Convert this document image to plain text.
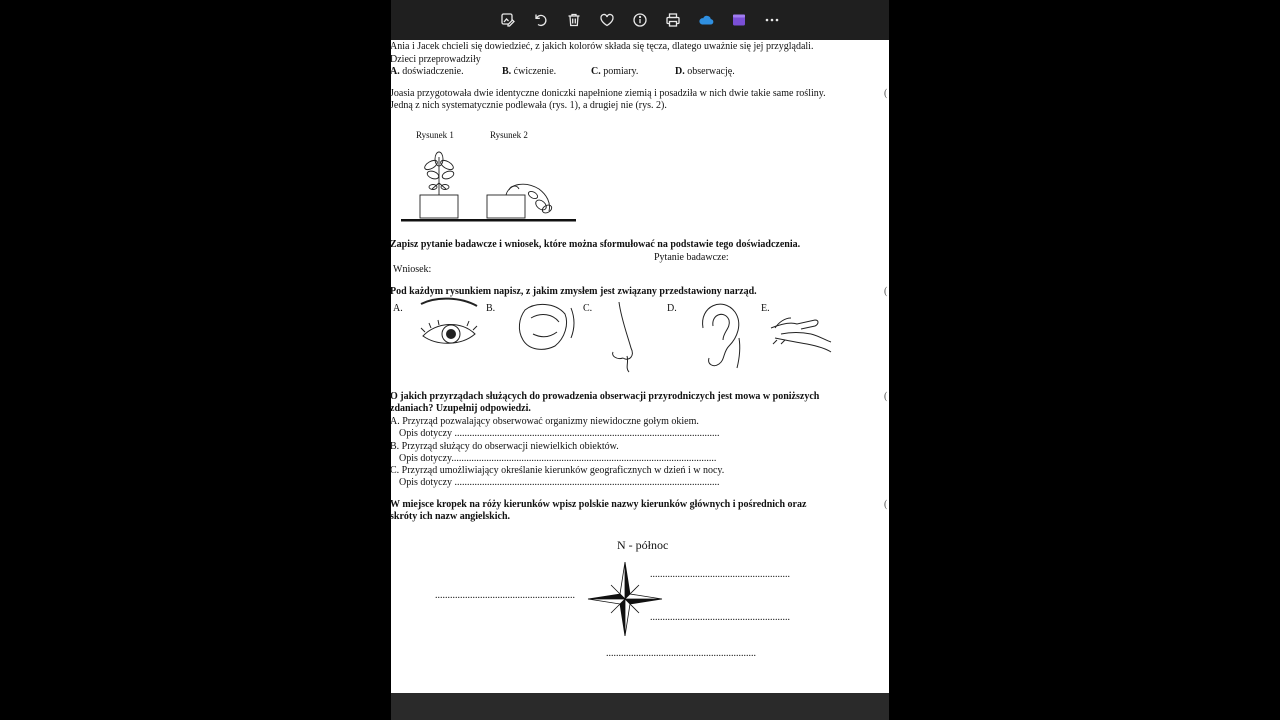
Ania i Jacek chcieli się dowiedzieć, z jakich kolorów składa się tęcza, dlatego uważnie się jej przyglądali.
Dzieci przeprowadziły
A. doświadczenie.	B. ćwiczenie.	C. pomiary.	D. obserwację.
Joasia przygotowała dwie identyczne doniczki napełnione ziemią i posadziła w nich dwie takie same rośliny.
Jedną z nich systematycznie podlewała (rys. 1), a drugiej nie (rys. 2).
(
Rysunek 1	Rysunek 2
Zapisz pytanie badawcze i wniosek, które można sformułować na podstawie tego doświadczenia.
Pytanie badawcze:
Wniosek:
Pod każdym rysunkiem napisz, z jakim zmysłem jest związany przedstawiony narząd.	(
A.	B.	C.	D.	E.
O jakich przyrządach służących do prowadzenia obserwacji przyrodniczych jest mowa w poniższych
zdaniach? Uzupełnij odpowiedzi.
(
A. Przyrząd pozwalający obserwować organizmy niewidoczne gołym okiem.
Opis dotyczy ..........................................................................................................
B. Przyrząd służący do obserwacji niewielkich obiektów.
Opis dotyczy..........................................................................................................
C. Przyrząd umożliwiający określanie kierunków geograficznych w dzień i w nocy.
Opis dotyczy ..........................................................................................................
W miejsce kropek na róży kierunków wpisz polskie nazwy kierunków głównych i pośrednich oraz
skróty ich nazw angielskich.
(
N - północ
........................................................
........................................................
........................................................
............................................................
